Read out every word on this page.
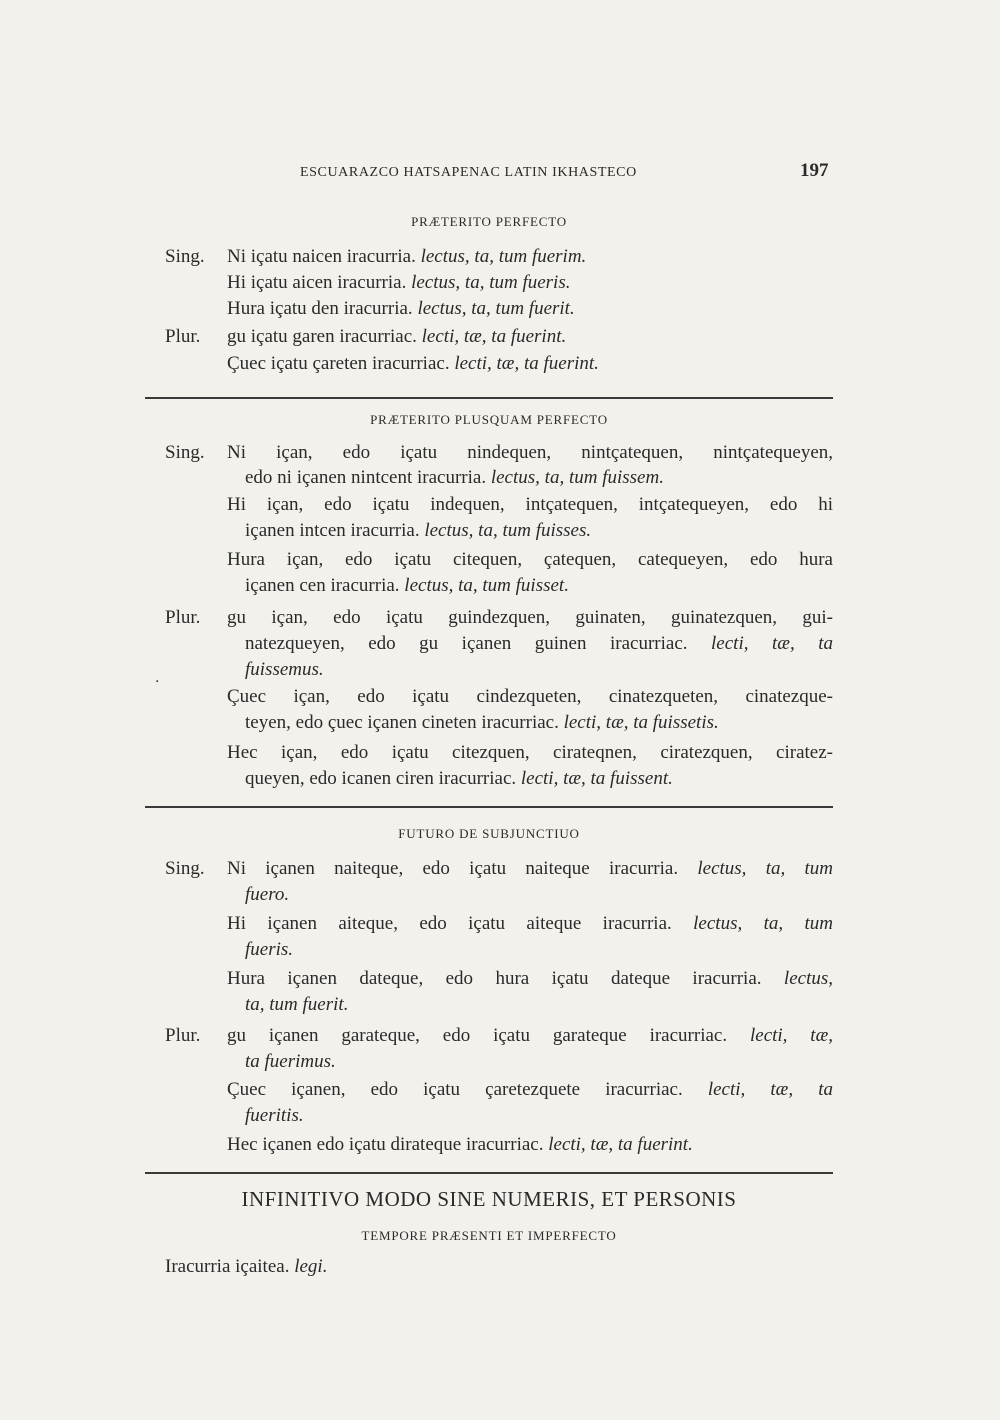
ESCUARAZCO HATSAPENAC LATIN IKHASTECO	197
PRÆTERITO PERFECTO
Sing. Ni içatu naicen iracurria. lectus, ta, tum fuerim.
Hi içatu aicen iracurria. lectus, ta, tum fueris.
Hura içatu den iracurria. lectus, ta, tum fuerit.
Plur. gu içatu garen iracurriac. lecti, tæ, ta fuerint.
Çuec içatu çareten iracurriac. lecti, tæ, ta fuerint.
PRÆTERITO PLUSQUAM PERFECTO
Sing. Ni içan, edo içatu nindequen, nintçatequen, nintçatequeyen,
edo ni içanen nintcent iracurria. lectus, ta, tum fuissem.
Hi içan, edo içatu indequen, intçatequen, intçatequeyen, edo hi
içanen intcen iracurria. lectus, ta, tum fuisses.
Hura içan, edo içatu citequen, çatequen, catequeyen, edo hura
içanen cen iracurria. lectus, ta, tum fuisset.
Plur. gu içan, edo içatu guindezquen, guinaten, guinatezquen, gui-
natezqueyen, edo gu içanen guinen iracurriac. lecti, tæ, ta
fuissemus.
·
Çuec içan, edo içatu cindezqueten, cinatezqueten, cinatezque-
teyen, edo çuec içanen cineten iracurriac. lecti, tæ, ta fuissetis.
Hec içan, edo içatu citezquen, cirateqnen, ciratezquen, ciratez-
queyen, edo icanen ciren iracurriac. lecti, tæ, ta fuissent.
FUTURO DE SUBJUNCTIUO
Sing. Ni içanen naiteque, edo içatu naiteque iracurria. lectus, ta, tum
fuero.
Hi içanen aiteque, edo içatu aiteque iracurria. lectus, ta, tum
fueris.
Hura içanen dateque, edo hura içatu dateque iracurria. lectus,
ta, tum fuerit.
Plur. gu içanen garateque, edo içatu garateque iracurriac. lecti, tæ,
ta fuerimus.
Çuec içanen, edo içatu çaretezquete iracurriac. lecti, tæ, ta
fueritis.
Hec içanen edo içatu dirateque iracurriac. lecti, tæ, ta fuerint.
INFINITIVO MODO SINE NUMERIS, ET PERSONIS
TEMPORE PRÆSENTI ET IMPERFECTO
Iracurria içaitea. legi.
